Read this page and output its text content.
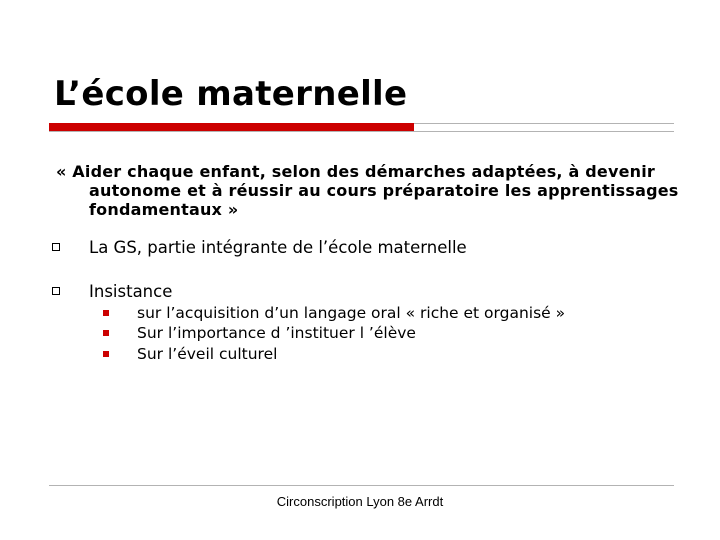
L’école maternelle

« Aider chaque enfant, selon des démarches adaptées, à devenir autonome et à réussir au cours préparatoire les apprentissages fondamentaux »

La GS, partie intégrante de l’école maternelle
Insistance
sur l’acquisition d’un langage oral « riche et organisé »
Sur l’importance d ’instituer l ’élève
Sur l’éveil culturel
Circonscription Lyon 8e Arrdt
